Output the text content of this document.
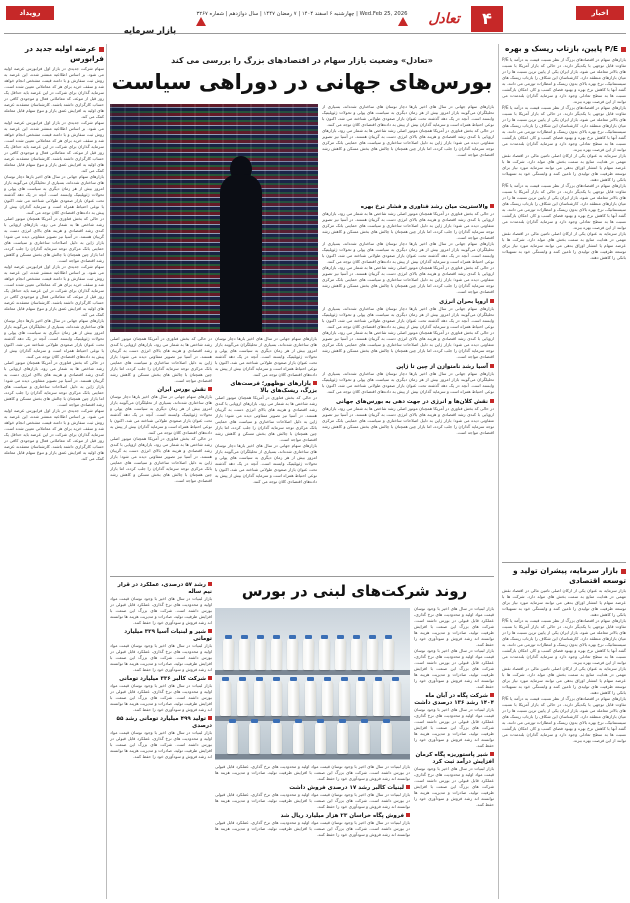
اخبار
۴
تعادل
چهارشنبه ۶ اسفند ۱۴۰۴ | ۷ رمضان ۱۴۴۷ | سال دوازدهم | شماره ۳۲۶۷ | Wed.Feb 25, 2026
بازار سرمایه
رویداد
P/E پایین، بازتاب ریسک و بهره

بازارهای سهام در اقتصادهای بزرگ از نظر نسبت قیمت به درآمد یا P/E تفاوت قابل توجهی با یکدیگر دارند. در حالی که بازار آمریکا با نسبت های بالاتر معامله می شود، بازار ایران یکی از پایین ترین نسبت ها را در میان بازارهای منطقه دارد. کارشناسان این شکاف را بازتاب ریسک های سیستماتیک، نرخ بهره بالای بدون ریسک و انتظارات تورمی می دانند. به گفته آنها با کاهش نرخ بهره و بهبود فضای کسب و کار، امکان بازگشت نسبت ها به سطح تعادلی وجود دارد و سرمایه گذاران بلندمدت می توانند از این فرصت بهره ببرند.

بازارهای سهام در اقتصادهای بزرگ از نظر نسبت قیمت به درآمد یا P/E تفاوت قابل توجهی با یکدیگر دارند. در حالی که بازار آمریکا با نسبت های بالاتر معامله می شود، بازار ایران یکی از پایین ترین نسبت ها را در میان بازارهای منطقه دارد. کارشناسان این شکاف را بازتاب ریسک های سیستماتیک، نرخ بهره بالای بدون ریسک و انتظارات تورمی می دانند. به گفته آنها با کاهش نرخ بهره و بهبود فضای کسب و کار، امکان بازگشت نسبت ها به سطح تعادلی وجود دارد و سرمایه گذاران بلندمدت می توانند از این فرصت بهره ببرند.

بازار سرمایه به عنوان یکی از ارکان اصلی تامین مالی در اقتصاد نقش مهمی در هدایت منابع به سمت بخش های مولد دارد. شرکت ها با عرضه سهام یا انتشار اوراق بدهی می توانند سرمایه مورد نیاز برای توسعه ظرفیت های تولیدی را تامین کنند و وابستگی خود به تسهیلات بانکی را کاهش دهند.

بازارهای سهام در اقتصادهای بزرگ از نظر نسبت قیمت به درآمد یا P/E تفاوت قابل توجهی با یکدیگر دارند. در حالی که بازار آمریکا با نسبت های بالاتر معامله می شود، بازار ایران یکی از پایین ترین نسبت ها را در میان بازارهای منطقه دارد. کارشناسان این شکاف را بازتاب ریسک های سیستماتیک، نرخ بهره بالای بدون ریسک و انتظارات تورمی می دانند. به گفته آنها با کاهش نرخ بهره و بهبود فضای کسب و کار، امکان بازگشت نسبت ها به سطح تعادلی وجود دارد و سرمایه گذاران بلندمدت می توانند از این فرصت بهره ببرند.

بازار سرمایه به عنوان یکی از ارکان اصلی تامین مالی در اقتصاد نقش مهمی در هدایت منابع به سمت بخش های مولد دارد. شرکت ها با عرضه سهام یا انتشار اوراق بدهی می توانند سرمایه مورد نیاز برای توسعه ظرفیت های تولیدی را تامین کنند و وابستگی خود به تسهیلات بانکی را کاهش دهند.

بازار سرمایه، پیشران تولید و توسعه اقتصادی

بازار سرمایه به عنوان یکی از ارکان اصلی تامین مالی در اقتصاد نقش مهمی در هدایت منابع به سمت بخش های مولد دارد. شرکت ها با عرضه سهام یا انتشار اوراق بدهی می توانند سرمایه مورد نیاز برای توسعه ظرفیت های تولیدی را تامین کنند و وابستگی خود به تسهیلات بانکی را کاهش دهند.

بازارهای سهام در اقتصادهای بزرگ از نظر نسبت قیمت به درآمد یا P/E تفاوت قابل توجهی با یکدیگر دارند. در حالی که بازار آمریکا با نسبت های بالاتر معامله می شود، بازار ایران یکی از پایین ترین نسبت ها را در میان بازارهای منطقه دارد. کارشناسان این شکاف را بازتاب ریسک های سیستماتیک، نرخ بهره بالای بدون ریسک و انتظارات تورمی می دانند. به گفته آنها با کاهش نرخ بهره و بهبود فضای کسب و کار، امکان بازگشت نسبت ها به سطح تعادلی وجود دارد و سرمایه گذاران بلندمدت می توانند از این فرصت بهره ببرند.

بازار سرمایه به عنوان یکی از ارکان اصلی تامین مالی در اقتصاد نقش مهمی در هدایت منابع به سمت بخش های مولد دارد. شرکت ها با عرضه سهام یا انتشار اوراق بدهی می توانند سرمایه مورد نیاز برای توسعه ظرفیت های تولیدی را تامین کنند و وابستگی خود به تسهیلات بانکی را کاهش دهند.

بازارهای سهام در اقتصادهای بزرگ از نظر نسبت قیمت به درآمد یا P/E تفاوت قابل توجهی با یکدیگر دارند. در حالی که بازار آمریکا با نسبت های بالاتر معامله می شود، بازار ایران یکی از پایین ترین نسبت ها را در میان بازارهای منطقه دارد. کارشناسان این شکاف را بازتاب ریسک های سیستماتیک، نرخ بهره بالای بدون ریسک و انتظارات تورمی می دانند. به گفته آنها با کاهش نرخ بهره و بهبود فضای کسب و کار، امکان بازگشت نسبت ها به سطح تعادلی وجود دارد و سرمایه گذاران بلندمدت می توانند از این فرصت بهره ببرند.

عرضه اولیه جدید در فرابورس

سهام شرکت جدیدی در بازار اول فرابورس عرضه اولیه می شود. بر اساس اطلاعیه منتشر شده، این عرضه به روش ثبت سفارش و با دامنه قیمت مشخص انجام خواهد شد و سقف خرید برای هر کد معاملاتی تعیین شده است. سرمایه گذاران برای شرکت در این عرضه باید حداقل یک روز قبل از موعد، کد معاملاتی فعال و موجودی کافی در حساب کارگزاری داشته باشند. کارشناسان معتقدند عرضه های اولیه به افزایش عمق بازار و تنوع سهام قابل معامله کمک می کند.

سهام شرکت جدیدی در بازار اول فرابورس عرضه اولیه می شود. بر اساس اطلاعیه منتشر شده، این عرضه به روش ثبت سفارش و با دامنه قیمت مشخص انجام خواهد شد و سقف خرید برای هر کد معاملاتی تعیین شده است. سرمایه گذاران برای شرکت در این عرضه باید حداقل یک روز قبل از موعد، کد معاملاتی فعال و موجودی کافی در حساب کارگزاری داشته باشند. کارشناسان معتقدند عرضه های اولیه به افزایش عمق بازار و تنوع سهام قابل معامله کمک می کند.

بازارهای سهام جهانی در سال های اخیر بارها دچار نوسان های ساختاری شده‌اند، بسیاری از تحلیلگران می‌گویند بازار امروز بیش از هر زمان دیگری به سیاست های پولی و تحولات ژئوپلیتیک وابسته است. آنچه در یک دهه گذشته تحت عنوان بازار صعودی طولانی شناخته می شد، اکنون با نوعی احتیاط همراه است و سرمایه گذاران بیش از پیش به داده‌های اقتصادی کلان توجه می کنند.

در حالی که بخش فناوری در آمریکا همچنان موتور اصلی رشد شاخص ها به شمار می رود، بازارهای اروپایی با کندی رشد اقتصادی و هزینه های بالای انرژی دست به گریبان هستند. در آسیا نیز تصویر متفاوتی دیده می شود؛ بازار ژاپن به دلیل اصلاحات ساختاری و سیاست های حمایتی بانک مرکزی توجه سرمایه گذاران را جلب کرده، اما بازار چین همچنان با چالش های بخش مسکن و کاهش رشد اقتصادی مواجه است.

سهام شرکت جدیدی در بازار اول فرابورس عرضه اولیه می شود. بر اساس اطلاعیه منتشر شده، این عرضه به روش ثبت سفارش و با دامنه قیمت مشخص انجام خواهد شد و سقف خرید برای هر کد معاملاتی تعیین شده است. سرمایه گذاران برای شرکت در این عرضه باید حداقل یک روز قبل از موعد، کد معاملاتی فعال و موجودی کافی در حساب کارگزاری داشته باشند. کارشناسان معتقدند عرضه های اولیه به افزایش عمق بازار و تنوع سهام قابل معامله کمک می کند.

بازارهای سهام جهانی در سال های اخیر بارها دچار نوسان های ساختاری شده‌اند، بسیاری از تحلیلگران می‌گویند بازار امروز بیش از هر زمان دیگری به سیاست های پولی و تحولات ژئوپلیتیک وابسته است. آنچه در یک دهه گذشته تحت عنوان بازار صعودی طولانی شناخته می شد، اکنون با نوعی احتیاط همراه است و سرمایه گذاران بیش از پیش به داده‌های اقتصادی کلان توجه می کنند.

در حالی که بخش فناوری در آمریکا همچنان موتور اصلی رشد شاخص ها به شمار می رود، بازارهای اروپایی با کندی رشد اقتصادی و هزینه های بالای انرژی دست به گریبان هستند. در آسیا نیز تصویر متفاوتی دیده می شود؛ بازار ژاپن به دلیل اصلاحات ساختاری و سیاست های حمایتی بانک مرکزی توجه سرمایه گذاران را جلب کرده، اما بازار چین همچنان با چالش های بخش مسکن و کاهش رشد اقتصادی مواجه است.

سهام شرکت جدیدی در بازار اول فرابورس عرضه اولیه می شود. بر اساس اطلاعیه منتشر شده، این عرضه به روش ثبت سفارش و با دامنه قیمت مشخص انجام خواهد شد و سقف خرید برای هر کد معاملاتی تعیین شده است. سرمایه گذاران برای شرکت در این عرضه باید حداقل یک روز قبل از موعد، کد معاملاتی فعال و موجودی کافی در حساب کارگزاری داشته باشند. کارشناسان معتقدند عرضه های اولیه به افزایش عمق بازار و تنوع سهام قابل معامله کمک می کند.

«تعادل» وضعیت بازار سهام در اقتصادهای بزرگ را بررسی می کند
بورس‌های جهانی در دوراهی سیاست

بازارهای سهام جهانی در سال های اخیر بارها دچار نوسان های ساختاری شده‌اند، بسیاری از تحلیلگران می‌گویند بازار امروز بیش از هر زمان دیگری به سیاست های پولی و تحولات ژئوپلیتیک وابسته است. آنچه در یک دهه گذشته تحت عنوان بازار صعودی طولانی شناخته می شد، اکنون با نوعی احتیاط همراه است و سرمایه گذاران بیش از پیش به داده‌های اقتصادی کلان توجه می کنند.

در حالی که بخش فناوری در آمریکا همچنان موتور اصلی رشد شاخص ها به شمار می رود، بازارهای اروپایی با کندی رشد اقتصادی و هزینه های بالای انرژی دست به گریبان هستند. در آسیا نیز تصویر متفاوتی دیده می شود؛ بازار ژاپن به دلیل اصلاحات ساختاری و سیاست های حمایتی بانک مرکزی توجه سرمایه گذاران را جلب کرده، اما بازار چین همچنان با چالش های بخش مسکن و کاهش رشد اقتصادی مواجه است.

والاستریت میان رشد فناوری و فشار نرخ بهره

در حالی که بخش فناوری در آمریکا همچنان موتور اصلی رشد شاخص ها به شمار می رود، بازارهای اروپایی با کندی رشد اقتصادی و هزینه های بالای انرژی دست به گریبان هستند. در آسیا نیز تصویر متفاوتی دیده می شود؛ بازار ژاپن به دلیل اصلاحات ساختاری و سیاست های حمایتی بانک مرکزی توجه سرمایه گذاران را جلب کرده، اما بازار چین همچنان با چالش های بخش مسکن و کاهش رشد اقتصادی مواجه است.

بازارهای سهام جهانی در سال های اخیر بارها دچار نوسان های ساختاری شده‌اند، بسیاری از تحلیلگران می‌گویند بازار امروز بیش از هر زمان دیگری به سیاست های پولی و تحولات ژئوپلیتیک وابسته است. آنچه در یک دهه گذشته تحت عنوان بازار صعودی طولانی شناخته می شد، اکنون با نوعی احتیاط همراه است و سرمایه گذاران بیش از پیش به داده‌های اقتصادی کلان توجه می کنند.

در حالی که بخش فناوری در آمریکا همچنان موتور اصلی رشد شاخص ها به شمار می رود، بازارهای اروپایی با کندی رشد اقتصادی و هزینه های بالای انرژی دست به گریبان هستند. در آسیا نیز تصویر متفاوتی دیده می شود؛ بازار ژاپن به دلیل اصلاحات ساختاری و سیاست های حمایتی بانک مرکزی توجه سرمایه گذاران را جلب کرده، اما بازار چین همچنان با چالش های بخش مسکن و کاهش رشد اقتصادی مواجه است.

اروپا بحران انرژی

بازارهای سهام جهانی در سال های اخیر بارها دچار نوسان های ساختاری شده‌اند، بسیاری از تحلیلگران می‌گویند بازار امروز بیش از هر زمان دیگری به سیاست های پولی و تحولات ژئوپلیتیک وابسته است. آنچه در یک دهه گذشته تحت عنوان بازار صعودی طولانی شناخته می شد، اکنون با نوعی احتیاط همراه است و سرمایه گذاران بیش از پیش به داده‌های اقتصادی کلان توجه می کنند.

در حالی که بخش فناوری در آمریکا همچنان موتور اصلی رشد شاخص ها به شمار می رود، بازارهای اروپایی با کندی رشد اقتصادی و هزینه های بالای انرژی دست به گریبان هستند. در آسیا نیز تصویر متفاوتی دیده می شود؛ بازار ژاپن به دلیل اصلاحات ساختاری و سیاست های حمایتی بانک مرکزی توجه سرمایه گذاران را جلب کرده، اما بازار چین همچنان با چالش های بخش مسکن و کاهش رشد اقتصادی مواجه است.

آسیا رشد نامتوازن از چین تا ژاپن

بازارهای سهام جهانی در سال های اخیر بارها دچار نوسان های ساختاری شده‌اند، بسیاری از تحلیلگران می‌گویند بازار امروز بیش از هر زمان دیگری به سیاست های پولی و تحولات ژئوپلیتیک وابسته است. آنچه در یک دهه گذشته تحت عنوان بازار صعودی طولانی شناخته می شد، اکنون با نوعی احتیاط همراه است و سرمایه گذاران بیش از پیش به داده‌های اقتصادی کلان توجه می کنند.

نقش کلان‌ها و انرژی در جهت دهی به بورس‌های جهانی

در حالی که بخش فناوری در آمریکا همچنان موتور اصلی رشد شاخص ها به شمار می رود، بازارهای اروپایی با کندی رشد اقتصادی و هزینه های بالای انرژی دست به گریبان هستند. در آسیا نیز تصویر متفاوتی دیده می شود؛ بازار ژاپن به دلیل اصلاحات ساختاری و سیاست های حمایتی بانک مرکزی توجه سرمایه گذاران را جلب کرده، اما بازار چین همچنان با چالش های بخش مسکن و کاهش رشد اقتصادی مواجه است.

بازارهای سهام جهانی در سال های اخیر بارها دچار نوسان های ساختاری شده‌اند، بسیاری از تحلیلگران می‌گویند بازار امروز بیش از هر زمان دیگری به سیاست های پولی و تحولات ژئوپلیتیک وابسته است. آنچه در یک دهه گذشته تحت عنوان بازار صعودی طولانی شناخته می شد، اکنون با نوعی احتیاط همراه است و سرمایه گذاران بیش از پیش به داده‌های اقتصادی کلان توجه می کنند.

بازارهای نوظهور؛ فرصت‌های بزرگ، ریسک‌های بالا

در حالی که بخش فناوری در آمریکا همچنان موتور اصلی رشد شاخص ها به شمار می رود، بازارهای اروپایی با کندی رشد اقتصادی و هزینه های بالای انرژی دست به گریبان هستند. در آسیا نیز تصویر متفاوتی دیده می شود؛ بازار ژاپن به دلیل اصلاحات ساختاری و سیاست های حمایتی بانک مرکزی توجه سرمایه گذاران را جلب کرده، اما بازار چین همچنان با چالش های بخش مسکن و کاهش رشد اقتصادی مواجه است.

بازارهای سهام جهانی در سال های اخیر بارها دچار نوسان های ساختاری شده‌اند، بسیاری از تحلیلگران می‌گویند بازار امروز بیش از هر زمان دیگری به سیاست های پولی و تحولات ژئوپلیتیک وابسته است. آنچه در یک دهه گذشته تحت عنوان بازار صعودی طولانی شناخته می شد، اکنون با نوعی احتیاط همراه است و سرمایه گذاران بیش از پیش به داده‌های اقتصادی کلان توجه می کنند.

در حالی که بخش فناوری در آمریکا همچنان موتور اصلی رشد شاخص ها به شمار می رود، بازارهای اروپایی با کندی رشد اقتصادی و هزینه های بالای انرژی دست به گریبان هستند. در آسیا نیز تصویر متفاوتی دیده می شود؛ بازار ژاپن به دلیل اصلاحات ساختاری و سیاست های حمایتی بانک مرکزی توجه سرمایه گذاران را جلب کرده، اما بازار چین همچنان با چالش های بخش مسکن و کاهش رشد اقتصادی مواجه است.

نقش بورس ایران

بازارهای سهام جهانی در سال های اخیر بارها دچار نوسان های ساختاری شده‌اند، بسیاری از تحلیلگران می‌گویند بازار امروز بیش از هر زمان دیگری به سیاست های پولی و تحولات ژئوپلیتیک وابسته است. آنچه در یک دهه گذشته تحت عنوان بازار صعودی طولانی شناخته می شد، اکنون با نوعی احتیاط همراه است و سرمایه گذاران بیش از پیش به داده‌های اقتصادی کلان توجه می کنند.

در حالی که بخش فناوری در آمریکا همچنان موتور اصلی رشد شاخص ها به شمار می رود، بازارهای اروپایی با کندی رشد اقتصادی و هزینه های بالای انرژی دست به گریبان هستند. در آسیا نیز تصویر متفاوتی دیده می شود؛ بازار ژاپن به دلیل اصلاحات ساختاری و سیاست های حمایتی بانک مرکزی توجه سرمایه گذاران را جلب کرده، اما بازار چین همچنان با چالش های بخش مسکن و کاهش رشد اقتصادی مواجه است.

روند شرکت‌های لبنی در بورس

بازار لبنیات در سال های اخیر با وجود نوسان قیمت مواد اولیه و محدودیت های نرخ گذاری، عملکرد قابل قبولی در بورس داشته است. شرکت های بزرگ این صنعت با افزایش ظرفیت تولید، صادرات و مدیریت هزینه ها توانسته اند رشد فروش و سودآوری خود را حفظ کنند.

بازار لبنیات در سال های اخیر با وجود نوسان قیمت مواد اولیه و محدودیت های نرخ گذاری، عملکرد قابل قبولی در بورس داشته است. شرکت های بزرگ این صنعت با افزایش ظرفیت تولید، صادرات و مدیریت هزینه ها توانسته اند رشد فروش و سودآوری خود را حفظ کنند.

شرکت پگاه در آبان ماه ۱۴۰۴ رشد ۱۳۶ درصدی داشت

بازار لبنیات در سال های اخیر با وجود نوسان قیمت مواد اولیه و محدودیت های نرخ گذاری، عملکرد قابل قبولی در بورس داشته است. شرکت های بزرگ این صنعت با افزایش ظرفیت تولید، صادرات و مدیریت هزینه ها توانسته اند رشد فروش و سودآوری خود را حفظ کنند.

شیر پاستوریزه پگاه کرمان افزایش درآمد ثبت کرد

بازار لبنیات در سال های اخیر با وجود نوسان قیمت مواد اولیه و محدودیت های نرخ گذاری، عملکرد قابل قبولی در بورس داشته است. شرکت های بزرگ این صنعت با افزایش ظرفیت تولید، صادرات و مدیریت هزینه ها توانسته اند رشد فروش و سودآوری خود را حفظ کنند.

بازار لبنیات در سال های اخیر با وجود نوسان قیمت مواد اولیه و محدودیت های نرخ گذاری، عملکرد قابل قبولی در بورس داشته است. شرکت های بزرگ این صنعت با افزایش ظرفیت تولید، صادرات و مدیریت هزینه ها توانسته اند رشد فروش و سودآوری خود را حفظ کنند.

لبنیات کالبر رشد ۱۷ درصدی فروش داشت

بازار لبنیات در سال های اخیر با وجود نوسان قیمت مواد اولیه و محدودیت های نرخ گذاری، عملکرد قابل قبولی در بورس داشته است. شرکت های بزرگ این صنعت با افزایش ظرفیت تولید، صادرات و مدیریت هزینه ها توانسته اند رشد فروش و سودآوری خود را حفظ کنند.

فروش پگاه خراسان ۲۳ هزار میلیارد ریال شد

بازار لبنیات در سال های اخیر با وجود نوسان قیمت مواد اولیه و محدودیت های نرخ گذاری، عملکرد قابل قبولی در بورس داشته است. شرکت های بزرگ این صنعت با افزایش ظرفیت تولید، صادرات و مدیریت هزینه ها توانسته اند رشد فروش و سودآوری خود را حفظ کنند.

رشد ۵۷ درصدی، عملکرد در قرار نیم ساله

بازار لبنیات در سال های اخیر با وجود نوسان قیمت مواد اولیه و محدودیت های نرخ گذاری، عملکرد قابل قبولی در بورس داشته است. شرکت های بزرگ این صنعت با افزایش ظرفیت تولید، صادرات و مدیریت هزینه ها توانسته اند رشد فروش و سودآوری خود را حفظ کنند.

شیر و لبنیات آسیا ۳۲۹ میلیارد تومانی

بازار لبنیات در سال های اخیر با وجود نوسان قیمت مواد اولیه و محدودیت های نرخ گذاری، عملکرد قابل قبولی در بورس داشته است. شرکت های بزرگ این صنعت با افزایش ظرفیت تولید، صادرات و مدیریت هزینه ها توانسته اند رشد فروش و سودآوری خود را حفظ کنند.

شرکت کالبر ۳۳۶ میلیارد تومانی

بازار لبنیات در سال های اخیر با وجود نوسان قیمت مواد اولیه و محدودیت های نرخ گذاری، عملکرد قابل قبولی در بورس داشته است. شرکت های بزرگ این صنعت با افزایش ظرفیت تولید، صادرات و مدیریت هزینه ها توانسته اند رشد فروش و سودآوری خود را حفظ کنند.

تولید ۴۹۹ میلیارد تومانی رشد ۵۵ درصدی

بازار لبنیات در سال های اخیر با وجود نوسان قیمت مواد اولیه و محدودیت های نرخ گذاری، عملکرد قابل قبولی در بورس داشته است. شرکت های بزرگ این صنعت با افزایش ظرفیت تولید، صادرات و مدیریت هزینه ها توانسته اند رشد فروش و سودآوری خود را حفظ کنند.
